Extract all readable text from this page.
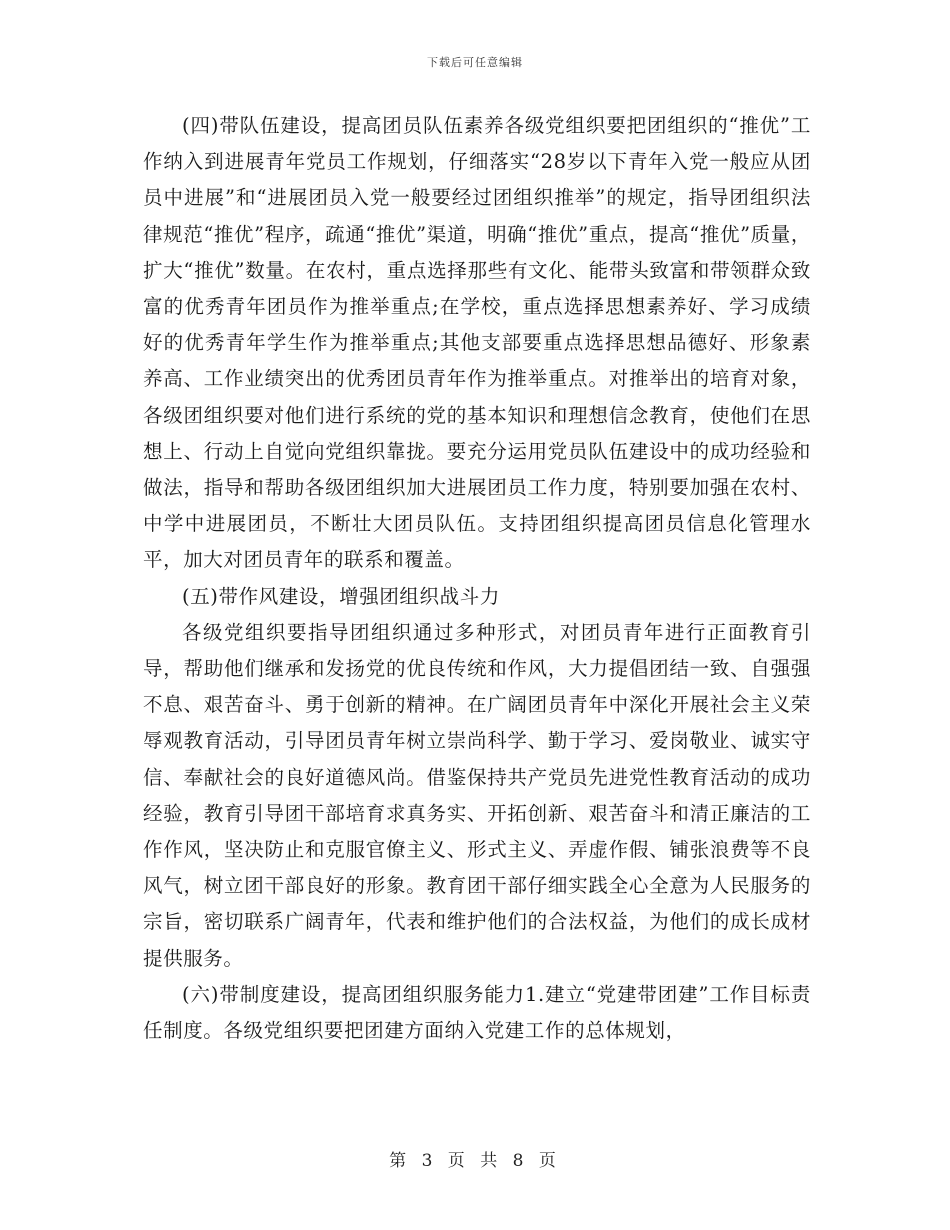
下载后可任意编辑

(四)带队伍建设，提高团员队伍素养各级党组织要把团组织的“推优”工作纳入到进展青年党员工作规划，仔细落实“28岁以下青年入党一般应从团员中进展”和“进展团员入党一般要经过团组织推举”的规定，指导团组织法律规范“推优”程序，疏通“推优”渠道，明确“推优”重点，提高“推优”质量，扩大“推优”数量。在农村，重点选择那些有文化、能带头致富和带领群众致富的优秀青年团员作为推举重点;在学校，重点选择思想素养好、学习成绩好的优秀青年学生作为推举重点;其他支部要重点选择思想品德好、形象素养高、工作业绩突出的优秀团员青年作为推举重点。对推举出的培育对象，各级团组织要对他们进行系统的党的基本知识和理想信念教育，使他们在思想上、行动上自觉向党组织靠拢。要充分运用党员队伍建设中的成功经验和做法，指导和帮助各级团组织加大进展团员工作力度，特别要加强在农村、中学中进展团员，不断壮大团员队伍。支持团组织提高团员信息化管理水平，加大对团员青年的联系和覆盖。

(五)带作风建设，增强团组织战斗力

各级党组织要指导团组织通过多种形式，对团员青年进行正面教育引导，帮助他们继承和发扬党的优良传统和作风，大力提倡团结一致、自强强不息、艰苦奋斗、勇于创新的精神。在广阔团员青年中深化开展社会主义荣辱观教育活动，引导团员青年树立崇尚科学、勤于学习、爱岗敬业、诚实守信、奉献社会的良好道德风尚。借鉴保持共产党员先进党性教育活动的成功经验，教育引导团干部培育求真务实、开拓创新、艰苦奋斗和清正廉洁的工作作风，坚决防止和克服官僚主义、形式主义、弄虚作假、铺张浪费等不良风气，树立团干部良好的形象。教育团干部仔细实践全心全意为人民服务的宗旨，密切联系广阔青年，代表和维护他们的合法权益，为他们的成长成材提供服务。

(六)带制度建设，提高团组织服务能力1.建立“党建带团建”工作目标责任制度。各级党组织要把团建方面纳入党建工作的总体规划，

第 3 页 共 8 页
